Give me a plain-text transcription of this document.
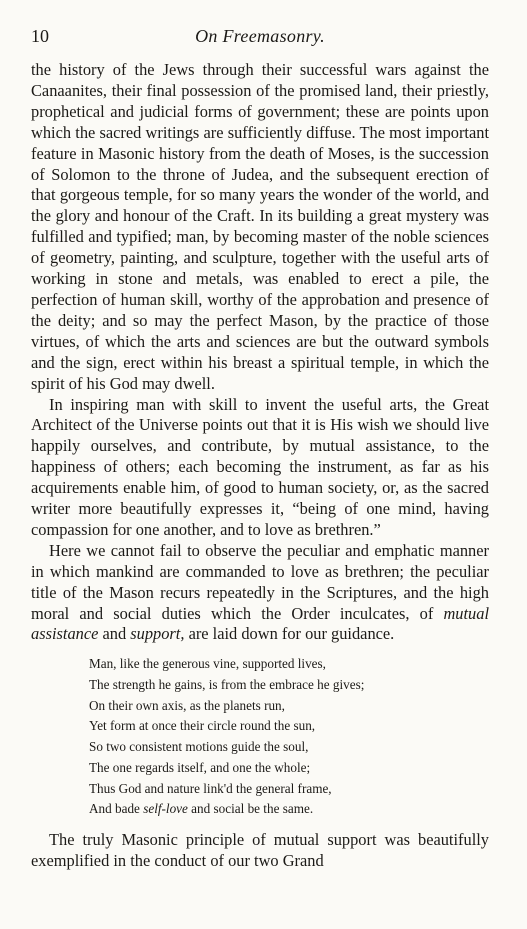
10	On Freemasonry.

the history of the Jews through their successful wars against the Canaanites, their final possession of the promised land, their priestly, prophetical and judicial forms of government; these are points upon which the sacred writings are sufficiently diffuse. The most important feature in Masonic history from the death of Moses, is the succession of Solomon to the throne of Judea, and the subsequent erection of that gorgeous temple, for so many years the wonder of the world, and the glory and honour of the Craft. In its building a great mystery was fulfilled and typified; man, by becoming master of the noble sciences of geometry, painting, and sculpture, together with the useful arts of working in stone and metals, was enabled to erect a pile, the perfection of human skill, worthy of the approbation and presence of the deity; and so may the perfect Mason, by the practice of those virtues, of which the arts and sciences are but the outward symbols and the sign, erect within his breast a spiritual temple, in which the spirit of his God may dwell.

In inspiring man with skill to invent the useful arts, the Great Architect of the Universe points out that it is His wish we should live happily ourselves, and contribute, by mutual assistance, to the happiness of others; each becoming the instrument, as far as his acquirements enable him, of good to human society, or, as the sacred writer more beautifully expresses it, “being of one mind, having compassion for one another, and to love as brethren.”

Here we cannot fail to observe the peculiar and emphatic manner in which mankind are commanded to love as brethren; the peculiar title of the Mason recurs repeatedly in the Scriptures, and the high moral and social duties which the Order inculcates, of mutual assistance and support, are laid down for our guidance.

Man, like the generous vine, supported lives,
The strength he gains, is from the embrace he gives;
On their own axis, as the planets run,
Yet form at once their circle round the sun,
So two consistent motions guide the soul,
The one regards itself, and one the whole;
Thus God and nature link'd the general frame,
And bade self-love and social be the same.

The truly Masonic principle of mutual support was beautifully exemplified in the conduct of our two Grand
